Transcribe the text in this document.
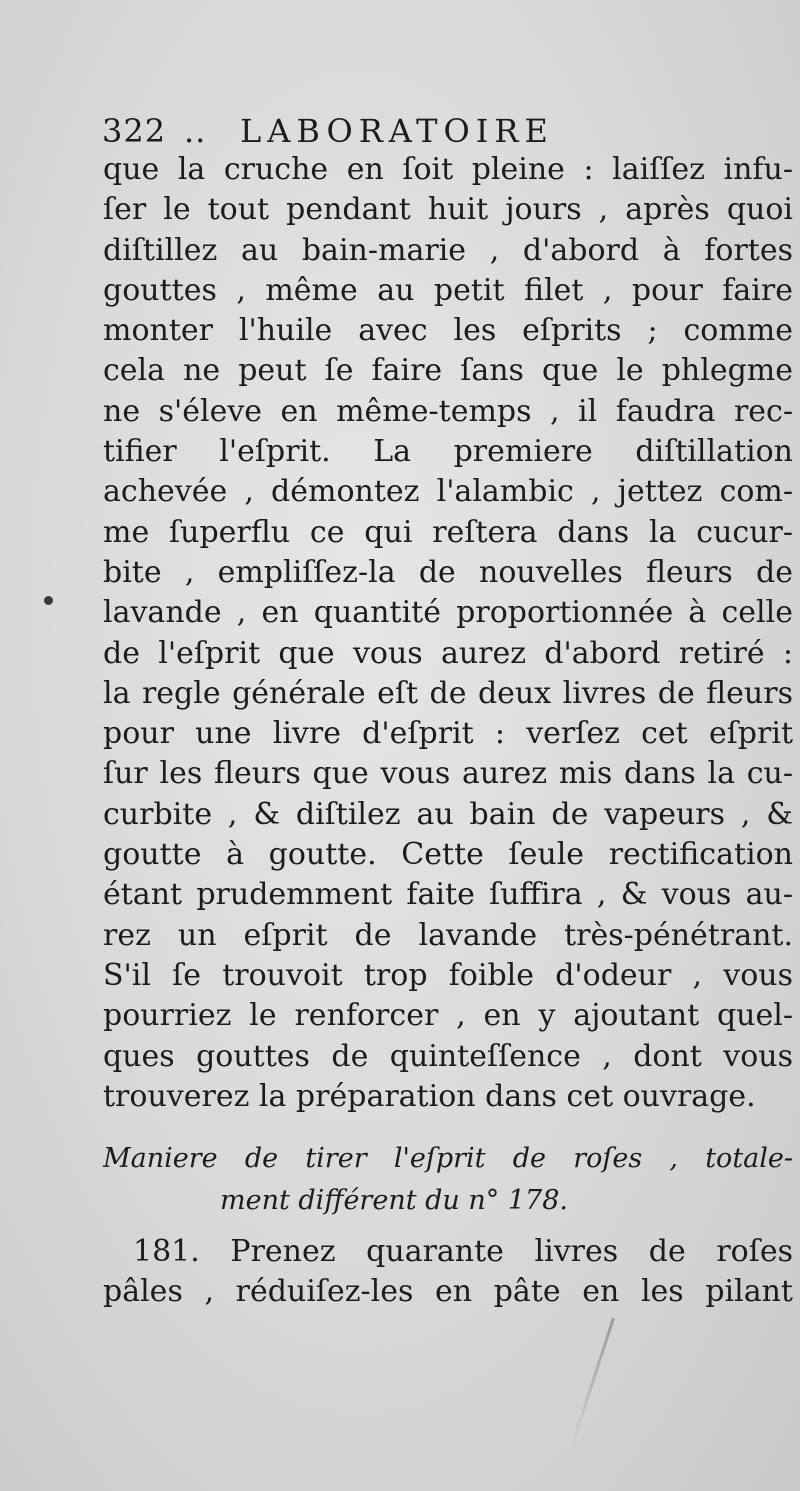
322 .. LABORATOIRE
que la cruche en ſoit pleine : laiſſez infu-
ſer le tout pendant huit jours , après quoi
diſtillez au bain-marie , d'abord à fortes
gouttes , même au petit filet , pour faire
monter l'huile avec les eſprits ; comme
cela ne peut ſe faire ſans que le phlegme
ne s'éleve en même-temps , il faudra rec-
tifier l'eſprit. La premiere diſtillation
achevée , démontez l'alambic , jettez com-
me ſuperflu ce qui reſtera dans la cucur-
bite , empliſſez-la de nouvelles fleurs de
lavande , en quantité proportionnée à celle
de l'eſprit que vous aurez d'abord retiré :
la regle générale eſt de deux livres de fleurs
pour une livre d'eſprit : verſez cet eſprit
ſur les fleurs que vous aurez mis dans la cu-
curbite , & diſtilez au bain de vapeurs , &
goutte à goutte. Cette ſeule rectification
étant prudemment faite ſuffira , & vous au-
rez un eſprit de lavande très-pénétrant.
S'il ſe trouvoit trop foible d'odeur , vous
pourriez le renforcer , en y ajoutant quel-
ques gouttes de quinteſſence , dont vous
trouverez la préparation dans cet ouvrage.
Maniere de tirer l'eſprit de roſes , totale-
ment différent du n° 178.
181. Prenez quarante livres de roſes
pâles , réduiſez-les en pâte en les pilant
